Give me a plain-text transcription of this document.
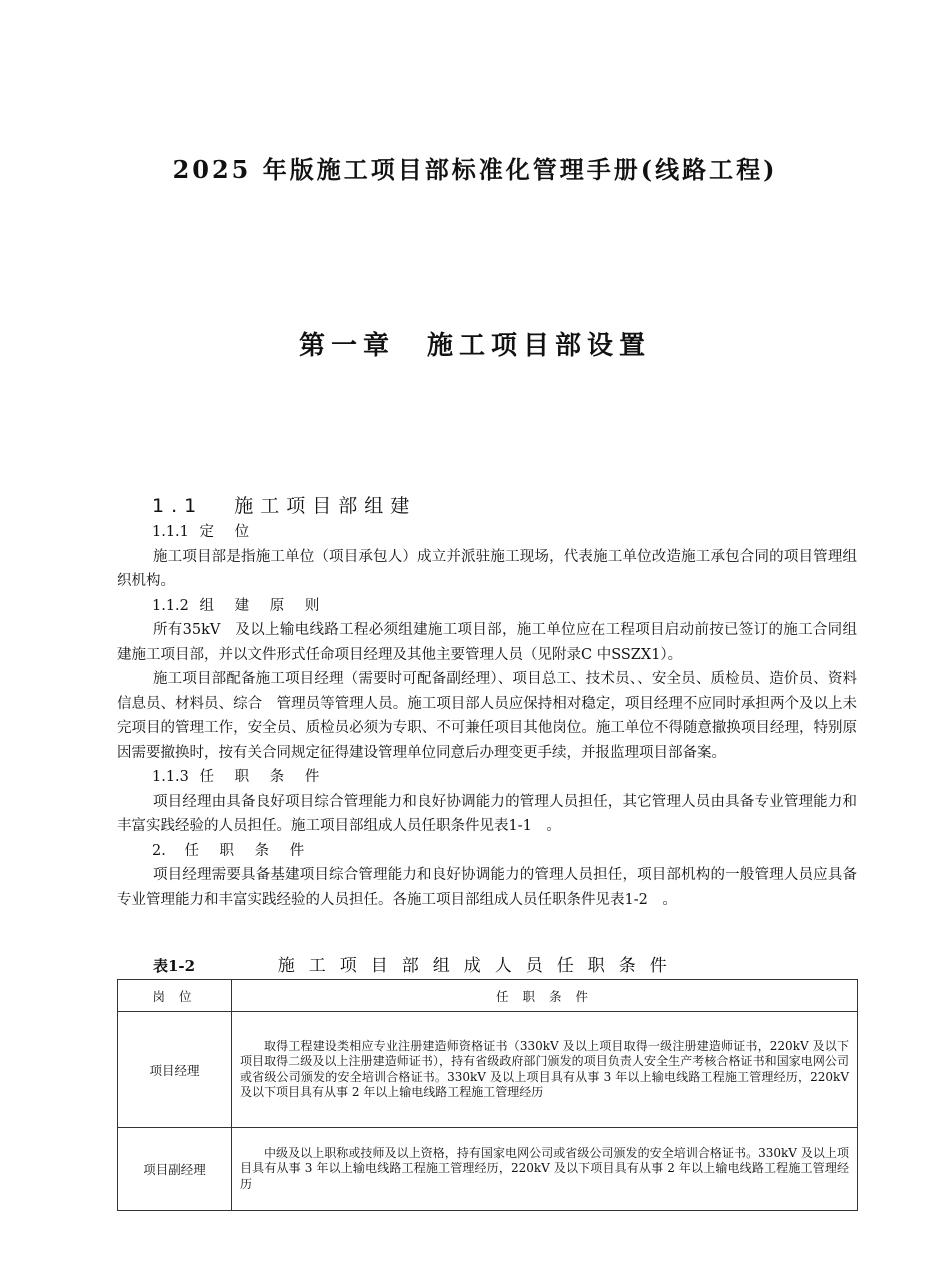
2025 年版施工项目部标准化管理手册(线路工程)
第一章　施工项目部设置
1.1 施工项目部组建
1.1.1 定 位

施工项目部是指施工单位（项目承包人）成立并派驻施工现场，代表施工单位改造施工承包合同的项目管理组织机构。

1.1.2 组 建 原 则

所有35kV　及以上输电线路工程必须组建施工项目部，施工单位应在工程项目启动前按已签订的施工合同组建施工项目部，并以文件形式任命项目经理及其他主要管理人员（见附录C 中SSZX1）。

施工项目部配备施工项目经理（需要时可配备副经理）、项目总工、技术员、、安全员、质检员、造价员、资料信息员、材料员、综合　管理员等管理人员。施工项目部人员应保持相对稳定，项目经理不应同时承担两个及以上未完项目的管理工作，安全员、质检员必须为专职、不可兼任项目其他岗位。施工单位不得随意撤换项目经理，特别原因需要撤换时，按有关合同规定征得建设管理单位同意后办理变更手续，并报监理项目部备案。

1.1.3 任 职 条 件

项目经理由具备良好项目综合管理能力和良好协调能力的管理人员担任，其它管理人员由具备专业管理能力和丰富实践经验的人员担任。施工项目部组成人员任职条件见表1-1　。

2. 任 职 条 件

项目经理需要具备基建项目综合管理能力和良好协调能力的管理人员担任，项目部机构的一般管理人员应具备专业管理能力和丰富实践经验的人员担任。各施工项目部组成人员任职条件见表1-2　。

表1-2	施工项目部组成人员任职条件
岗 位	任 职 条 件
项目经理	取得工程建设类相应专业注册建造师资格证书（330kV 及以上项目取得一级注册建造师证书，220kV 及以下项目取得二级及以上注册建造师证书），持有省级政府部门颁发的项目负责人安全生产考核合格证书和国家电网公司或省级公司颁发的安全培训合格证书。330kV 及以上项目具有从事 3 年以上输电线路工程施工管理经历，220kV 及以下项目具有从事 2 年以上输电线路工程施工管理经历
项目副经理	中级及以上职称或技师及以上资格，持有国家电网公司或省级公司颁发的安全培训合格证书。330kV 及以上项目具有从事 3 年以上输电线路工程施工管理经历，220kV 及以下项目具有从事 2 年以上输电线路工程施工管理经历
